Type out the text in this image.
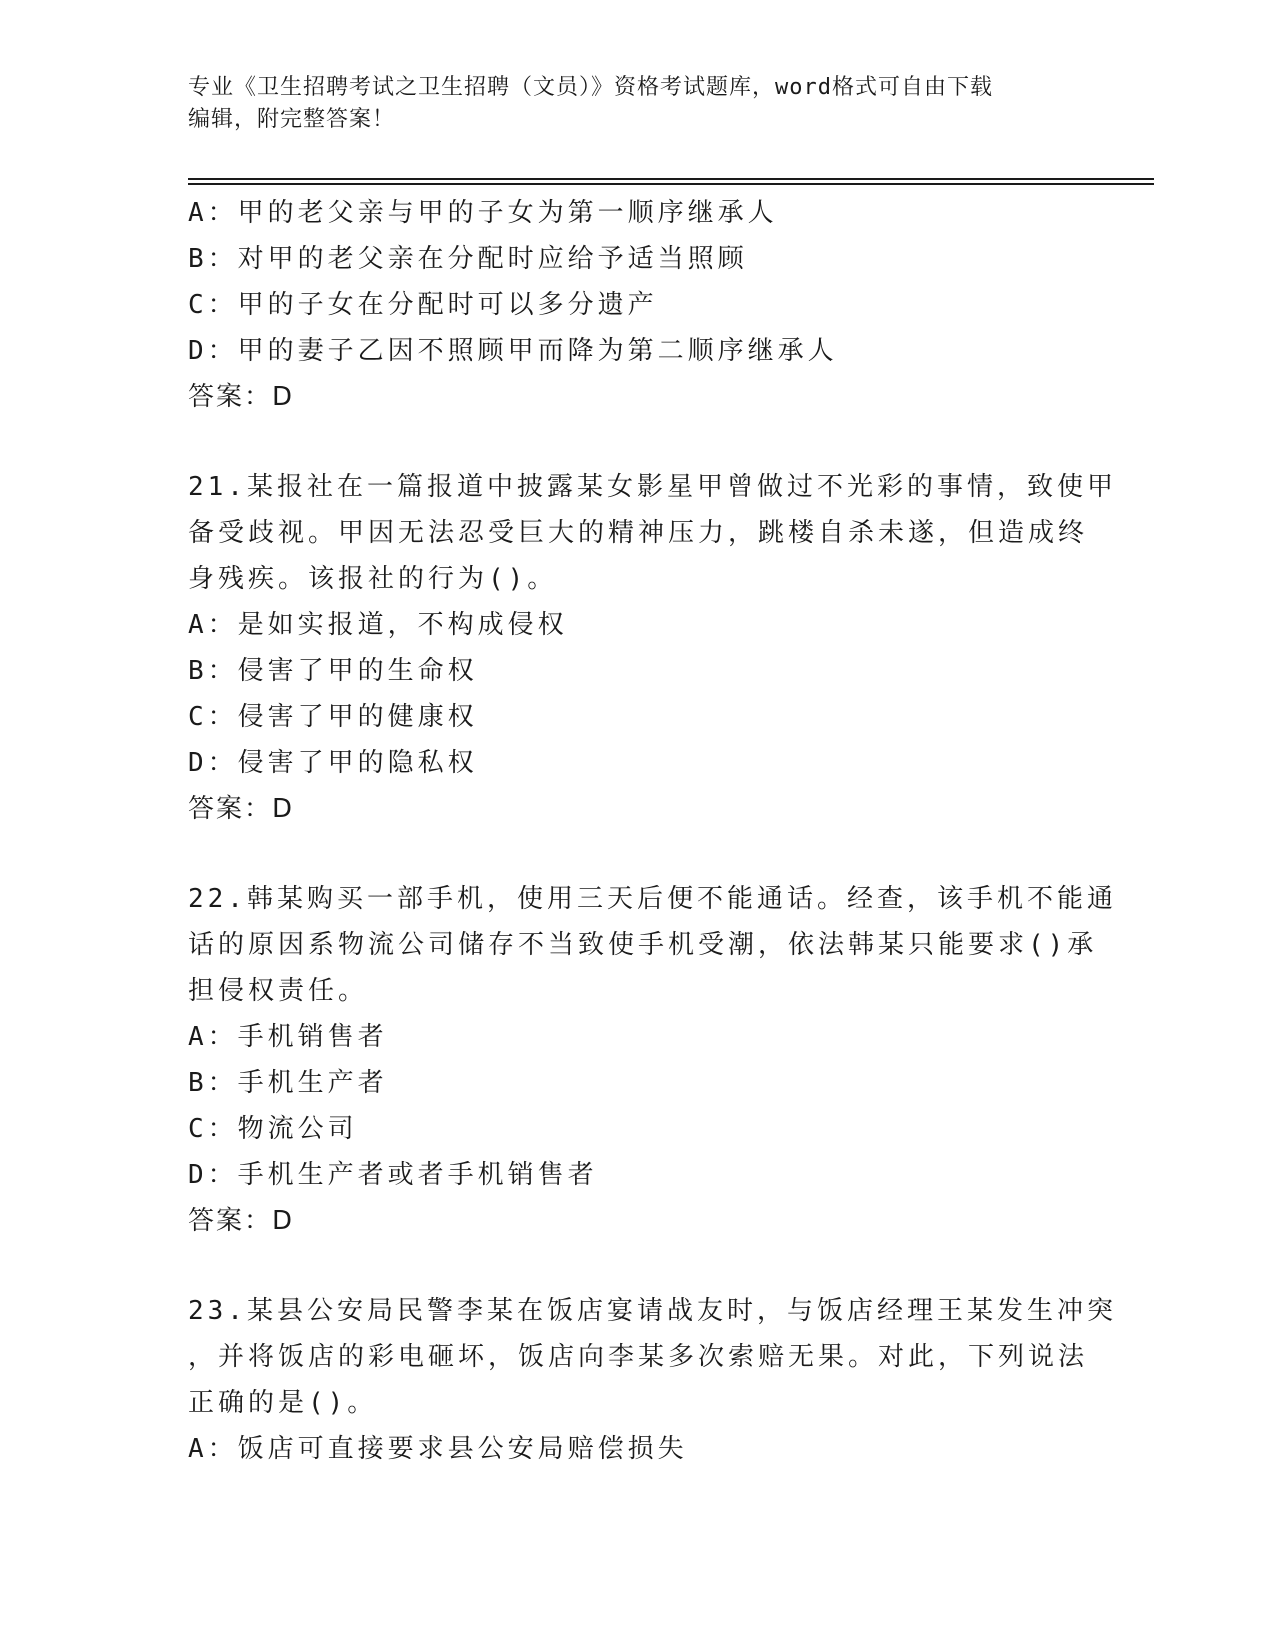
专业《卫生招聘考试之卫生招聘（文员）》资格考试题库，word格式可自由下载
编辑，附完整答案！
A：甲的老父亲与甲的子女为第一顺序继承人
B：对甲的老父亲在分配时应给予适当照顾
C：甲的子女在分配时可以多分遗产
D：甲的妻子乙因不照顾甲而降为第二顺序继承人
答案：D
21.某报社在一篇报道中披露某女影星甲曾做过不光彩的事情，致使甲
备受歧视。甲因无法忍受巨大的精神压力，跳楼自杀未遂，但造成终
身残疾。该报社的行为()。
A：是如实报道，不构成侵权
B：侵害了甲的生命权
C：侵害了甲的健康权
D：侵害了甲的隐私权
答案：D
22.韩某购买一部手机，使用三天后便不能通话。经查，该手机不能通
话的原因系物流公司储存不当致使手机受潮，依法韩某只能要求()承
担侵权责任。
A：手机销售者
B：手机生产者
C：物流公司
D：手机生产者或者手机销售者
答案：D
23.某县公安局民警李某在饭店宴请战友时，与饭店经理王某发生冲突
，并将饭店的彩电砸坏，饭店向李某多次索赔无果。对此，下列说法
正确的是()。
A：饭店可直接要求县公安局赔偿损失
